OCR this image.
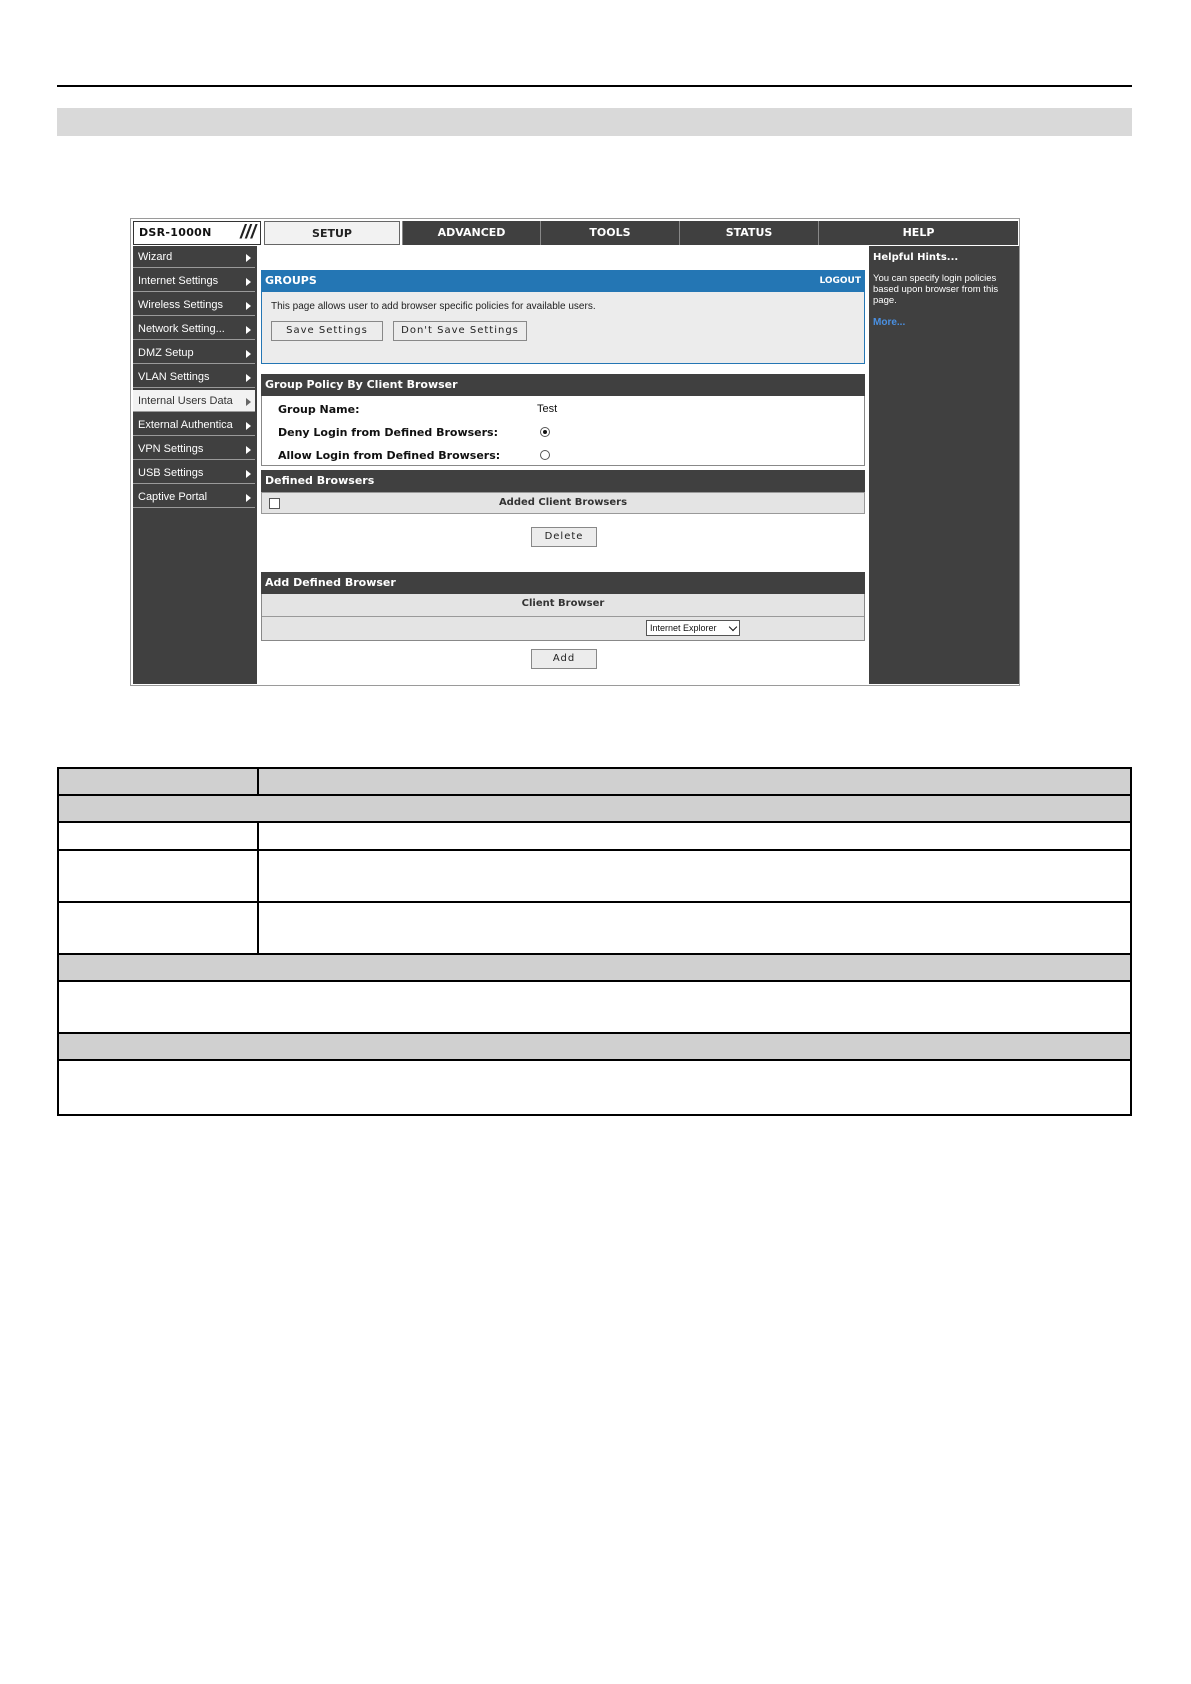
DSR-1000N ///	SETUP	ADVANCED	TOOLS	STATUS	HELP
Wizard
Internet Settings
Wireless Settings
Network Setting...
DMZ Setup
VLAN Settings
Internal Users Data
External Authentica
VPN Settings
USB Settings
Captive Portal
GROUPS	LOGOUT
This page allows user to add browser specific policies for available users.
Save Settings	Don't Save Settings
Group Policy By Client Browser
Group Name:	Test
Deny Login from Defined Browsers:
Allow Login from Defined Browsers:
Defined Browsers
Added Client Browsers
Delete
Add Defined Browser
Client Browser
Internet Explorer
Add
Helpful Hints...
You can specify login policies based upon browser from this page.
More...
